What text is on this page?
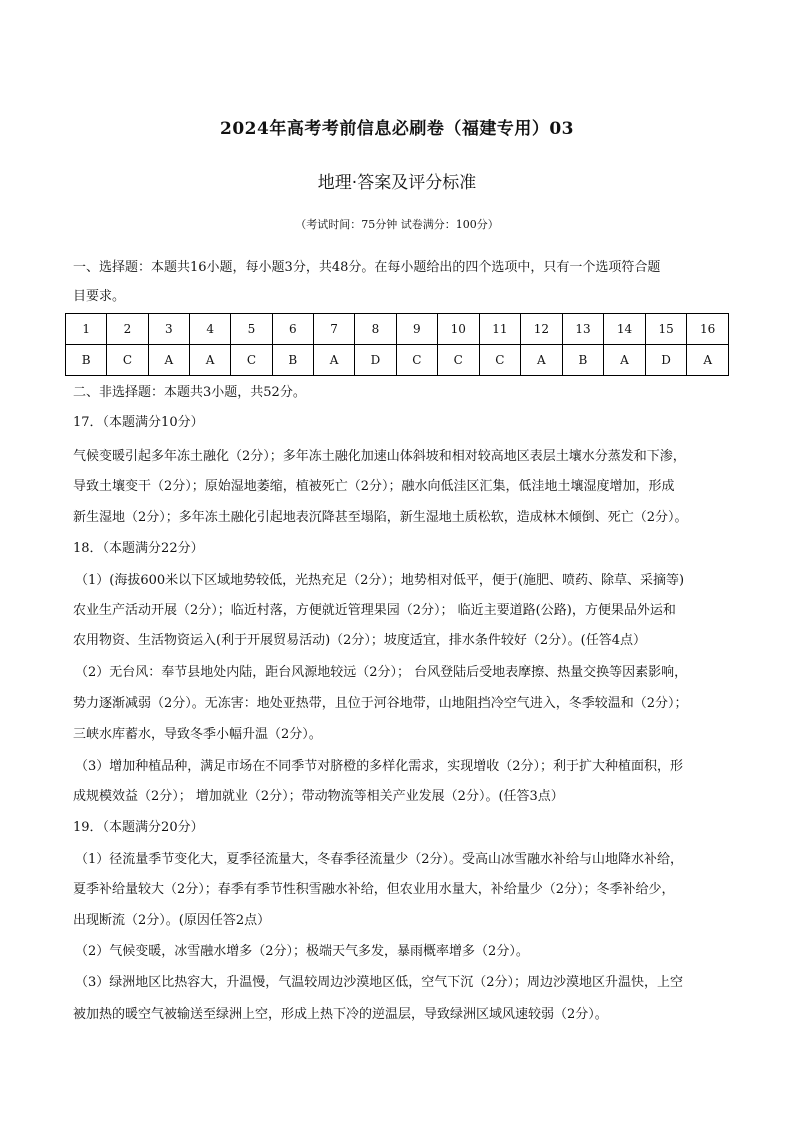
2024年高考考前信息必刷卷（福建专用）03
地理·答案及评分标准
（考试时间：75分钟 试卷满分：100分）
一、选择题：本题共16小题，每小题3分，共48分。在每小题给出的四个选项中，只有一个选项符合题
目要求。
1	2	3	4	5	6	7	8	9	10	11	12	13	14	15	16
B	C	A	A	C	B	A	D	C	C	C	A	B	A	D	A
二、非选择题：本题共3小题，共52分。
17．（本题满分10分）
气候变暖引起多年冻土融化（2分）；多年冻土融化加速山体斜坡和相对较高地区表层土壤水分蒸发和下渗，
导致土壤变干（2分）；原始湿地萎缩，植被死亡（2分）；融水向低洼区汇集，低洼地土壤湿度增加，形成
新生湿地（2分）；多年冻土融化引起地表沉降甚至塌陷，新生湿地土质松软，造成林木倾倒、死亡（2分）。
18．（本题满分22分）
（1）(海拔600米以下区域地势较低，光热充足（2分）；地势相对低平，便于(施肥、喷药、除草、采摘等)
农业生产活动开展（2分）；临近村落，方便就近管理果园（2分）； 临近主要道路(公路)，方便果品外运和
农用物资、生活物资运入(利于开展贸易活动)（2分）；坡度适宜，排水条件较好（2分）。(任答4点）
（2）无台风：奉节县地处内陆，距台风源地较远（2分）； 台风登陆后受地表摩擦、热量交换等因素影响，
势力逐渐减弱（2分）。无冻害：地处亚热带，且位于河谷地带，山地阻挡冷空气进入，冬季较温和（2分）；
三峡水库蓄水，导致冬季小幅升温（2分）。
（3）增加种植品种，满足市场在不同季节对脐橙的多样化需求，实现增收（2分）；利于扩大种植面积，形
成规模效益（2分）； 增加就业（2分）；带动物流等相关产业发展（2分）。(任答3点）
19．（本题满分20分）
（1）径流量季节变化大，夏季径流量大，冬春季径流量少（2分）。受高山冰雪融水补给与山地降水补给，
夏季补给量较大（2分）；春季有季节性积雪融水补给，但农业用水量大，补给量少（2分）；冬季补给少，
出现断流（2分）。(原因任答2点）
（2）气候变暖，冰雪融水增多（2分）；极端天气多发，暴雨概率增多（2分）。
（3）绿洲地区比热容大，升温慢，气温较周边沙漠地区低，空气下沉（2分）；周边沙漠地区升温快，上空
被加热的暖空气被输送至绿洲上空，形成上热下冷的逆温层，导致绿洲区域风速较弱（2分）。
